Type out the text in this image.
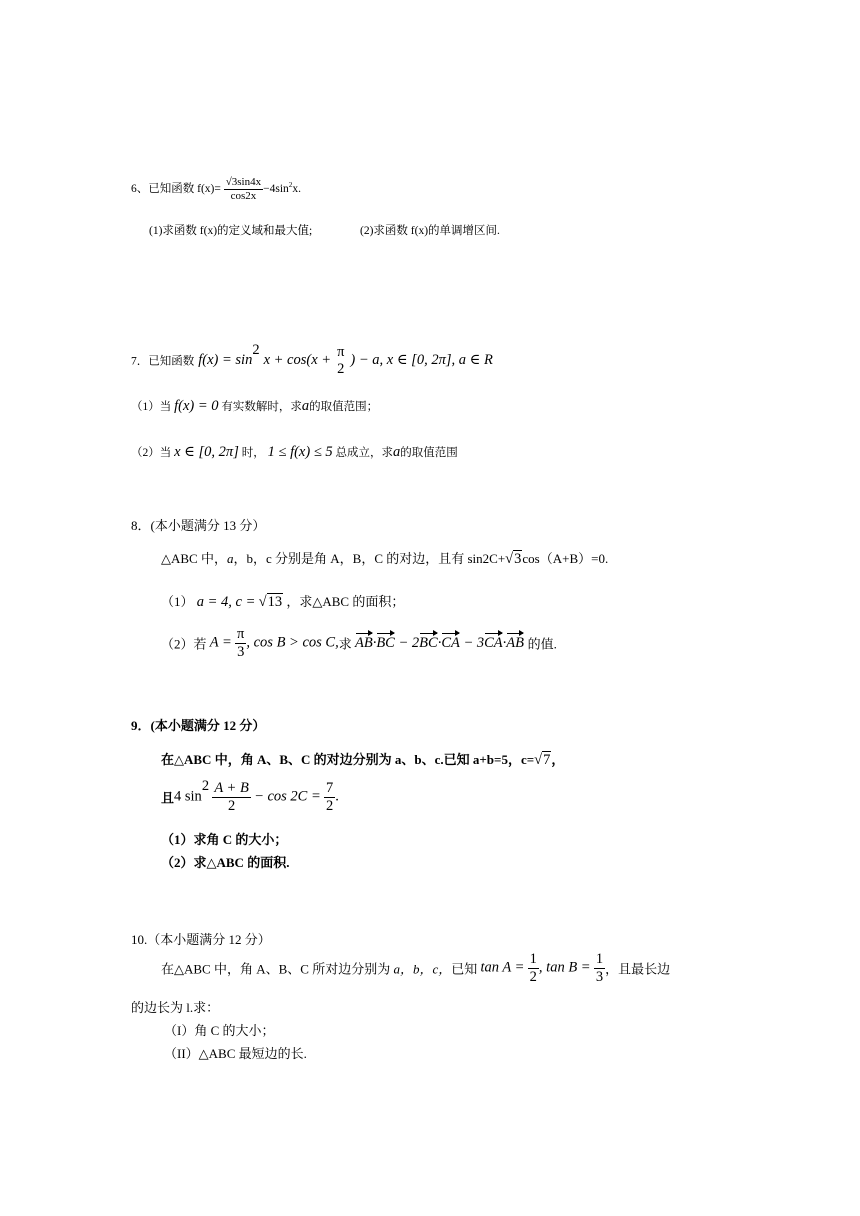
6、已知函数 $f(x)= \frac{√3\sin 4x}{\cos 2x} -4\sin^2x$.
(1)求函数 f(x)的定义域和最大值;	(2)求函数 f(x)的单调增区间.
7．已知函数 $f(x) = \sin^2 x + \cos(x$ +
π
2
) − a, x ∈ [0, 2π], a ∈ R
（1）当 f(x) = 0 有实数解时，求a的取值范围；
（2）当 x ∈ [0, 2π] 时， 1 ≤ f(x) ≤ 5 总成立，求a的取值范围
8．(本小题满分 13 分）
△ABC 中，a，b，c 分别是角 A，B，C 的对边，且有 sin2C+√3cos（A+B）=0.
（1） a = 4, c = √13 ，求△ABC 的面积；
（2）若 $A = \frac{\pi}{3}$ , cos B > cos C,求 AB·BC − 2BC·CA − 3CA·AB 的值.
9．(本小题满分 12 分）
在△ABC 中，角 A、B、C 的对边分别为 a、b、c.已知 a+b=5，c=√7，
且4 $\sin^2 \frac{A + B}{2} - \cos 2C = \frac{7}{2}$ .
（1）求角 C 的大小；
（2）求△ABC 的面积.
10.（本小题满分 12 分）
在△ABC 中，角 A、B、C 所对边分别为 a，b，c，已知 $\tan A = \frac{1}{2}$ , $\tan B = \frac{1}{3}$ ，且最长边
的边长为 l.求：
（I）角 C 的大小；
（II）△ABC 最短边的长.
